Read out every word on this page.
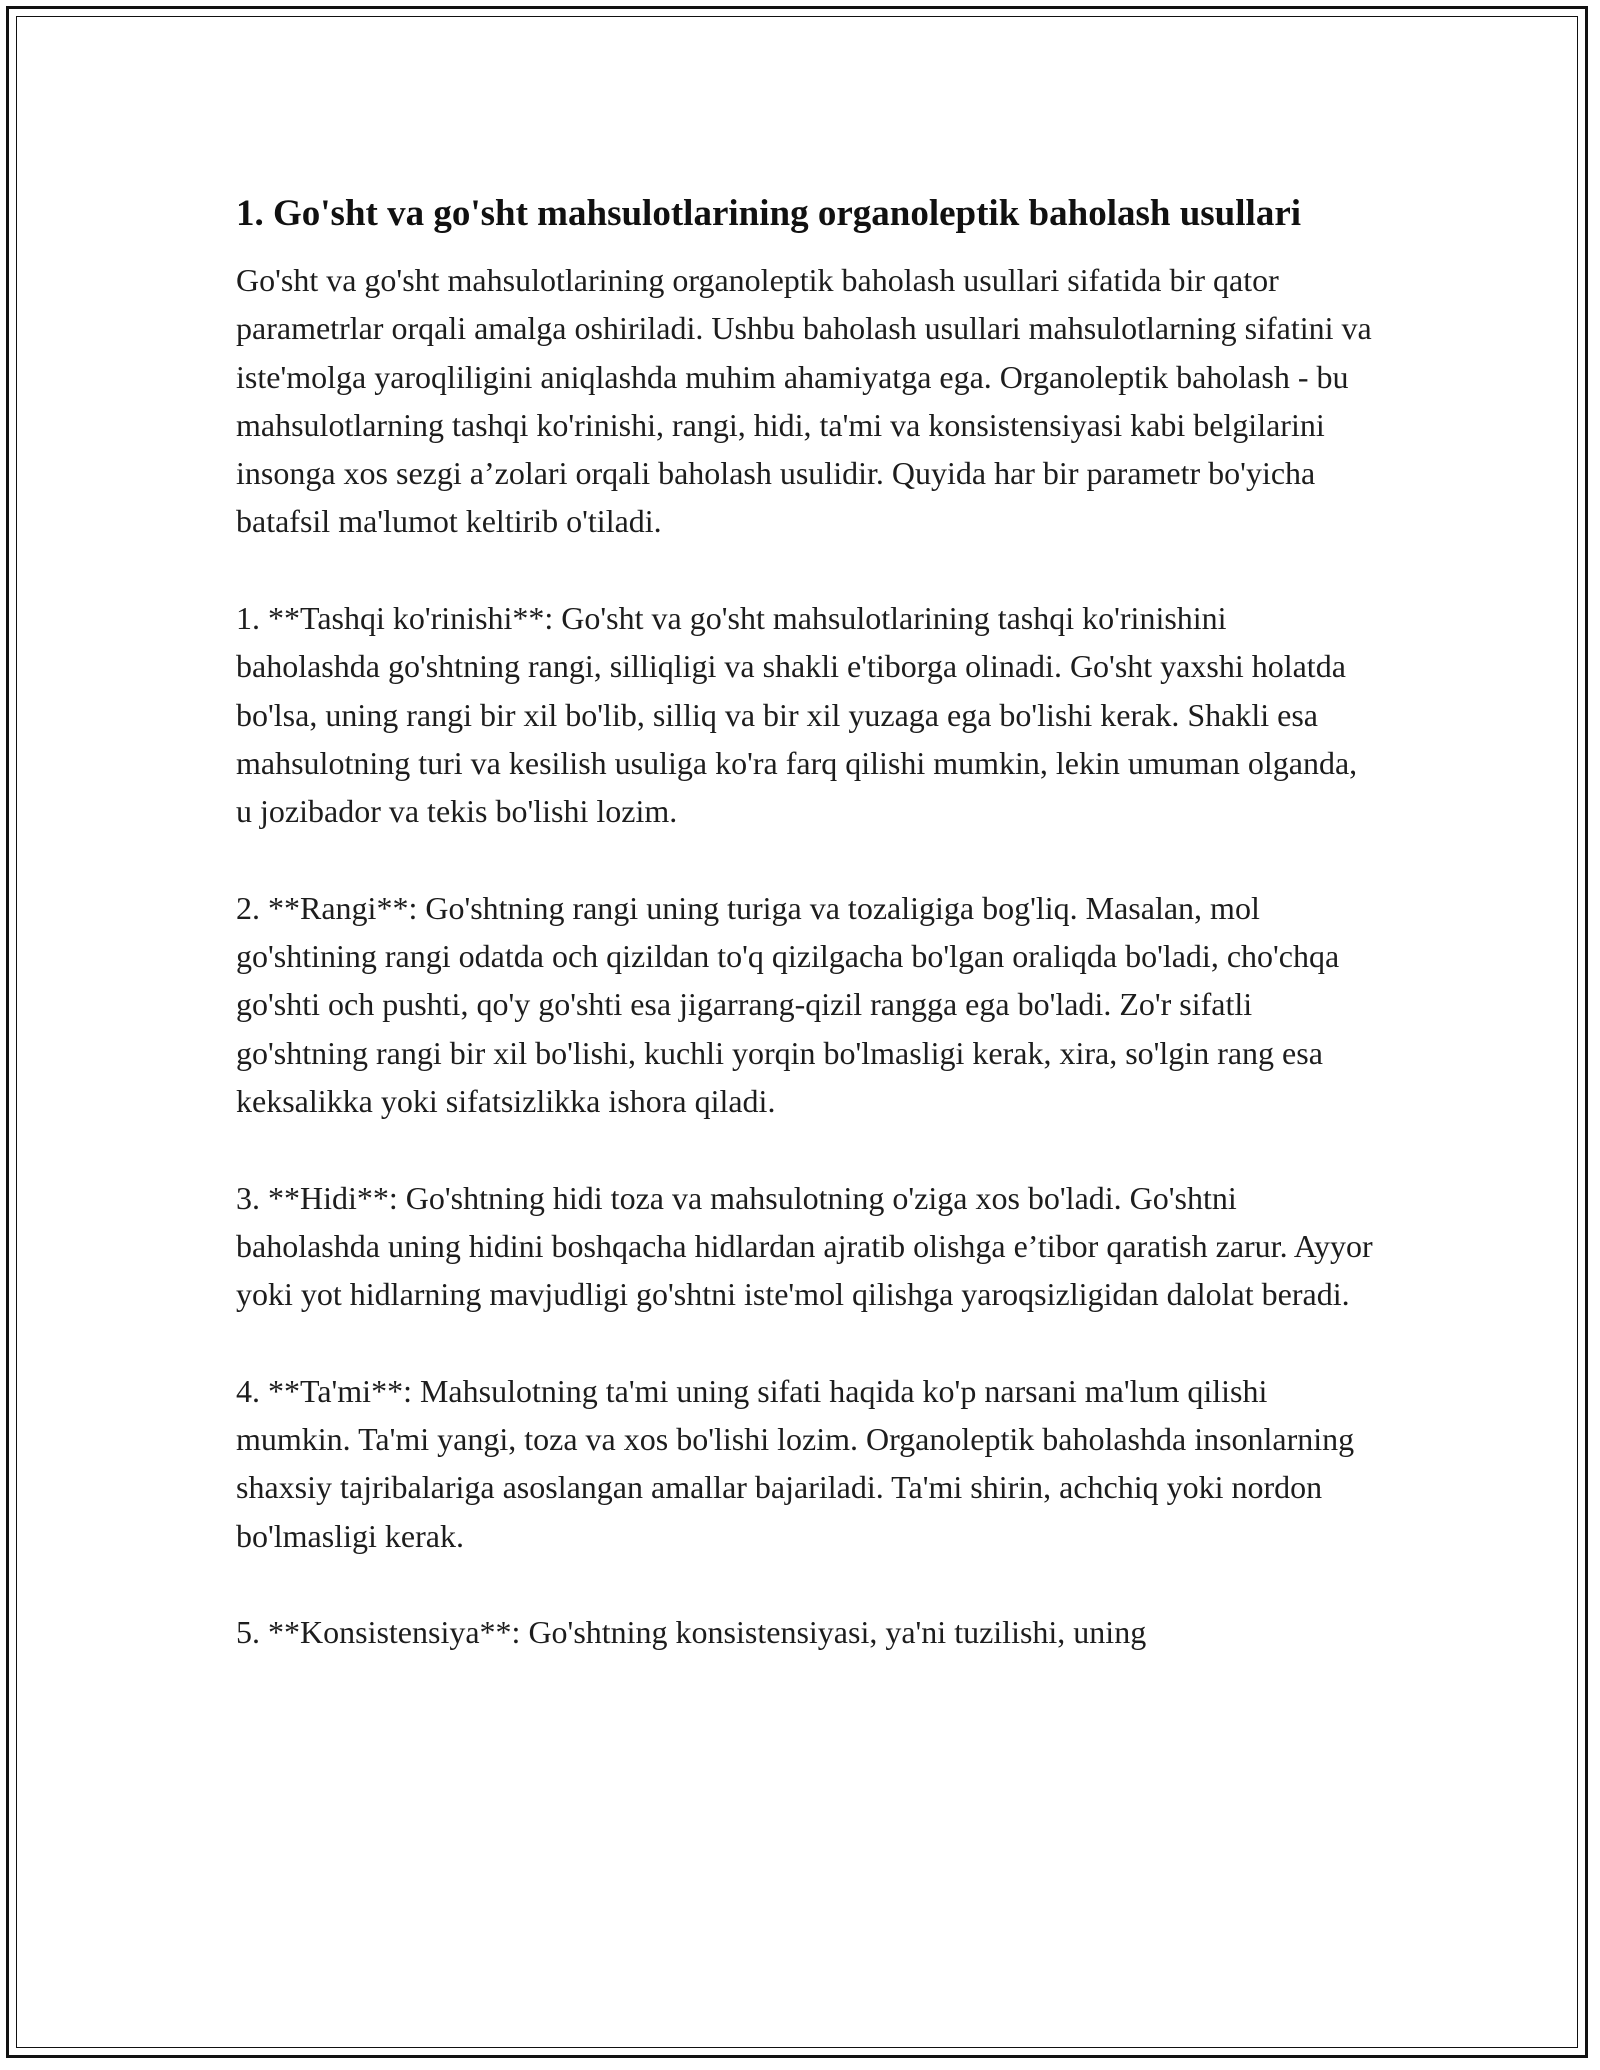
1. Go'sht va go'sht mahsulotlarining organoleptik baholash usullari

Go'sht va go'sht mahsulotlarining organoleptik baholash usullari sifatida bir qator parametrlar orqali amalga oshiriladi. Ushbu baholash usullari mahsulotlarning sifatini va iste'molga yaroqliligini aniqlashda muhim ahamiyatga ega. Organoleptik baholash - bu mahsulotlarning tashqi ko'rinishi, rangi, hidi, ta'mi va konsistensiyasi kabi belgilarini insonga xos sezgi a’zolari orqali baholash usulidir. Quyida har bir parametr bo'yicha batafsil ma'lumot keltirib o'tiladi.

1. **Tashqi ko'rinishi**: Go'sht va go'sht mahsulotlarining tashqi ko'rinishini baholashda go'shtning rangi, silliqligi va shakli e'tiborga olinadi. Go'sht yaxshi holatda bo'lsa, uning rangi bir xil bo'lib, silliq va bir xil yuzaga ega bo'lishi kerak. Shakli esa mahsulotning turi va kesilish usuliga ko'ra farq qilishi mumkin, lekin umuman olganda, u jozibador va tekis bo'lishi lozim.

2. **Rangi**: Go'shtning rangi uning turiga va tozaligiga bog'liq. Masalan, mol go'shtining rangi odatda och qizildan to'q qizilgacha bo'lgan oraliqda bo'ladi, cho'chqa go'shti och pushti, qo'y go'shti esa jigarrang-qizil rangga ega bo'ladi. Zo'r sifatli go'shtning rangi bir xil bo'lishi, kuchli yorqin bo'lmasligi kerak, xira, so'lgin rang esa keksalikka yoki sifatsizlikka ishora qiladi.

3. **Hidi**: Go'shtning hidi toza va mahsulotning o'ziga xos bo'ladi. Go'shtni baholashda uning hidini boshqacha hidlardan ajratib olishga e’tibor qaratish zarur. Ayyor yoki yot hidlarning mavjudligi go'shtni iste'mol qilishga yaroqsizligidan dalolat beradi.

4. **Ta'mi**: Mahsulotning ta'mi uning sifati haqida ko'p narsani ma'lum qilishi mumkin. Ta'mi yangi, toza va xos bo'lishi lozim. Organoleptik baholashda insonlarning shaxsiy tajribalariga asoslangan amallar bajariladi. Ta'mi shirin, achchiq yoki nordon bo'lmasligi kerak.

5. **Konsistensiya**: Go'shtning konsistensiyasi, ya'ni tuzilishi, uning
